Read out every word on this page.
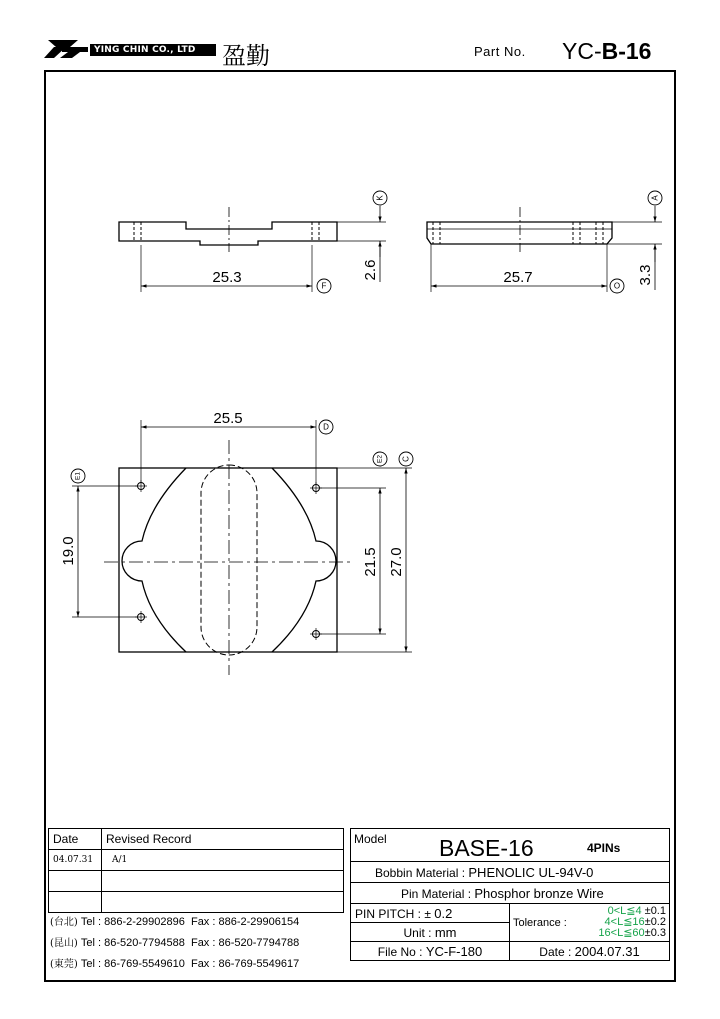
YING CHIN CO., LTD	盈勤	Part No. YC-B-16
K
F
A
O
D
E1
E2 C
25.3	2.6	25.7	3.3
25.5
19.0	21.5 27.0
Date	Revised Record
04.07.31	A/1

(台北) Tel : 886-2-29902896 Fax : 886-2-29906154
(昆山) Tel : 86-520-7794588 Fax : 86-520-7794788
(東莞) Tel : 86-769-5549610 Fax : 86-769-5549617
Model BASE-16 4PINs	

Bobbin Material : PHENOLIC UL-94V-0	
Pin Material : Phosphor bronze Wire	
PIN PITCH : ± 0.2	Tolerance :
0<L≦4 ±0.1
4<L≦16±0.2
16<L≦60±0.3

Unit : mm	
File No : YC-F-180	Date : 2004.07.31
